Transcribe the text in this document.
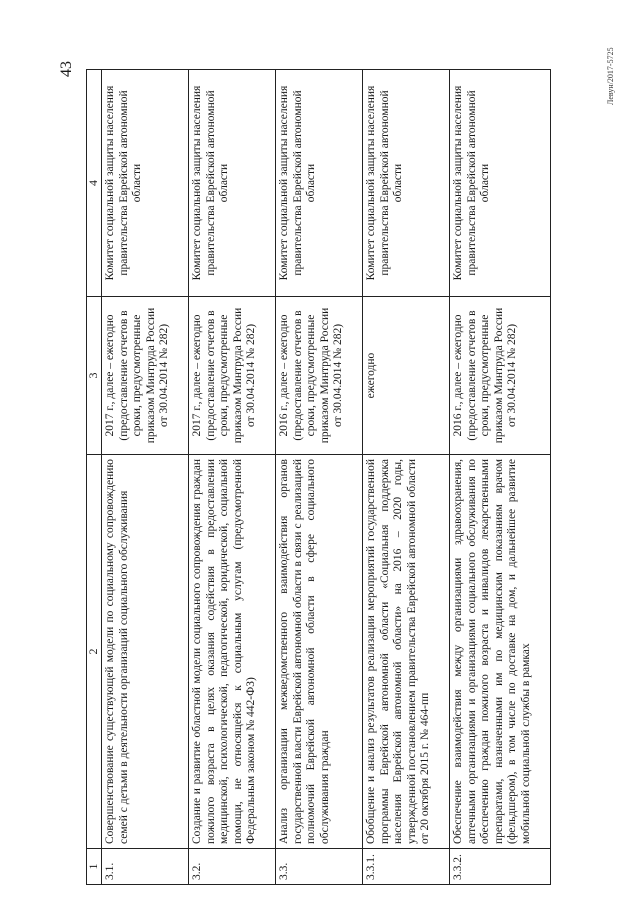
43
1	2	3	4
3.1.	Совершенствование существующей модели по социальному сопровождению семей с детьми в деятельности организаций социального обслуживания	2017 г., далее – ежегодно (предоставление отчетов в сроки, предусмотренные приказом Минтруда России от 30.04.2014 № 282)	Комитет социальной защиты населения правительства Еврейской автономной области
3.2.	Создание и развитие областной модели социального сопровождения граждан пожилого возраста в целях оказания содействия в предоставлении медицинской, психологической, педагогической, юридической, социальной помощи, не относящейся к социальным услугам (предусмотренной Федеральным законом № 442-ФЗ)	2017 г., далее – ежегодно (предоставление отчетов в сроки, предусмотренные приказом Минтруда России от 30.04.2014 № 282)	Комитет социальной защиты населения правительства Еврейской автономной области
3.3.	Анализ организации межведомственного взаимодействия органов государственной власти Еврейской автономной области в связи с реализацией полномочий Еврейской автономной области в сфере социального обслуживания граждан	2016 г., далее – ежегодно (предоставление отчетов в сроки, предусмотренные приказом Минтруда России от 30.04.2014 № 282)	Комитет социальной защиты населения правительства Еврейской автономной области
3.3.1.	Обобщение и анализ результатов реализации мероприятий государственной программы Еврейской автономной области «Социальная поддержка населения Еврейской автономной области» на 2016 – 2020 годы, утвержденной постановлением правительства Еврейской автономной области от 20 октября 2015 г. № 464-пп	ежегодно	Комитет социальной защиты населения правительства Еврейской автономной области
3.3.2.	Обеспечение взаимодействия между организациями здравоохранения, аптечными организациями и организациями социального обслуживания по обеспечению граждан пожилого возраста и инвалидов лекарственными препаратами, назначенными им по медицинским показаниям врачом (фельдшером), в том числе по доставке на дом, и дальнейшее развитие мобильной социальной службы в рамках	2016 г., далее – ежегодно (предоставление отчетов в сроки, предусмотренные приказом Минтруда России от 30.04.2014 № 282)	Комитет социальной защиты населения правительства Еврейской автономной области
Левун/2017-5725
